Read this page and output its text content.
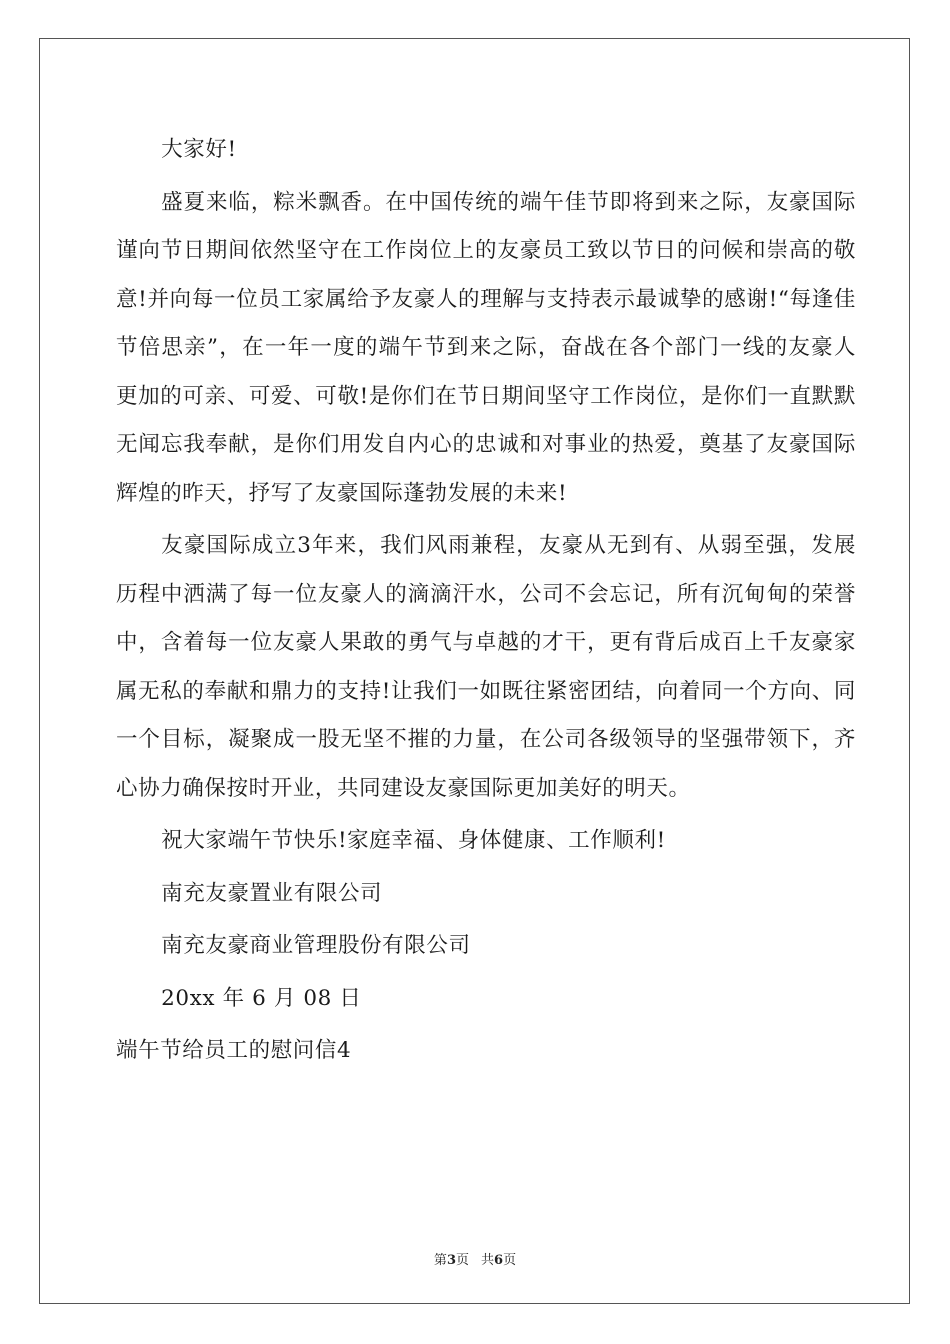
大家好!

盛夏来临，粽米飘香。在中国传统的端午佳节即将到来之际，友豪国际谨向节日期间依然坚守在工作岗位上的友豪员工致以节日的问候和崇高的敬意!并向每一位员工家属给予友豪人的理解与支持表示最诚挚的感谢!“每逢佳节倍思亲”，在一年一度的端午节到来之际，奋战在各个部门一线的友豪人更加的可亲、可爱、可敬!是你们在节日期间坚守工作岗位，是你们一直默默无闻忘我奉献，是你们用发自内心的忠诚和对事业的热爱，奠基了友豪国际辉煌的昨天，抒写了友豪国际蓬勃发展的未来!

友豪国际成立3年来，我们风雨兼程，友豪从无到有、从弱至强，发展历程中洒满了每一位友豪人的滴滴汗水，公司不会忘记，所有沉甸甸的荣誉中，含着每一位友豪人果敢的勇气与卓越的才干，更有背后成百上千友豪家属无私的奉献和鼎力的支持!让我们一如既往紧密团结，向着同一个方向、同一个目标，凝聚成一股无坚不摧的力量，在公司各级领导的坚强带领下，齐心协力确保按时开业，共同建设友豪国际更加美好的明天。

祝大家端午节快乐!家庭幸福、身体健康、工作顺利!

南充友豪置业有限公司

南充友豪商业管理股份有限公司

20xx 年 6 月 08 日

端午节给员工的慰问信4

第3页 共6页
